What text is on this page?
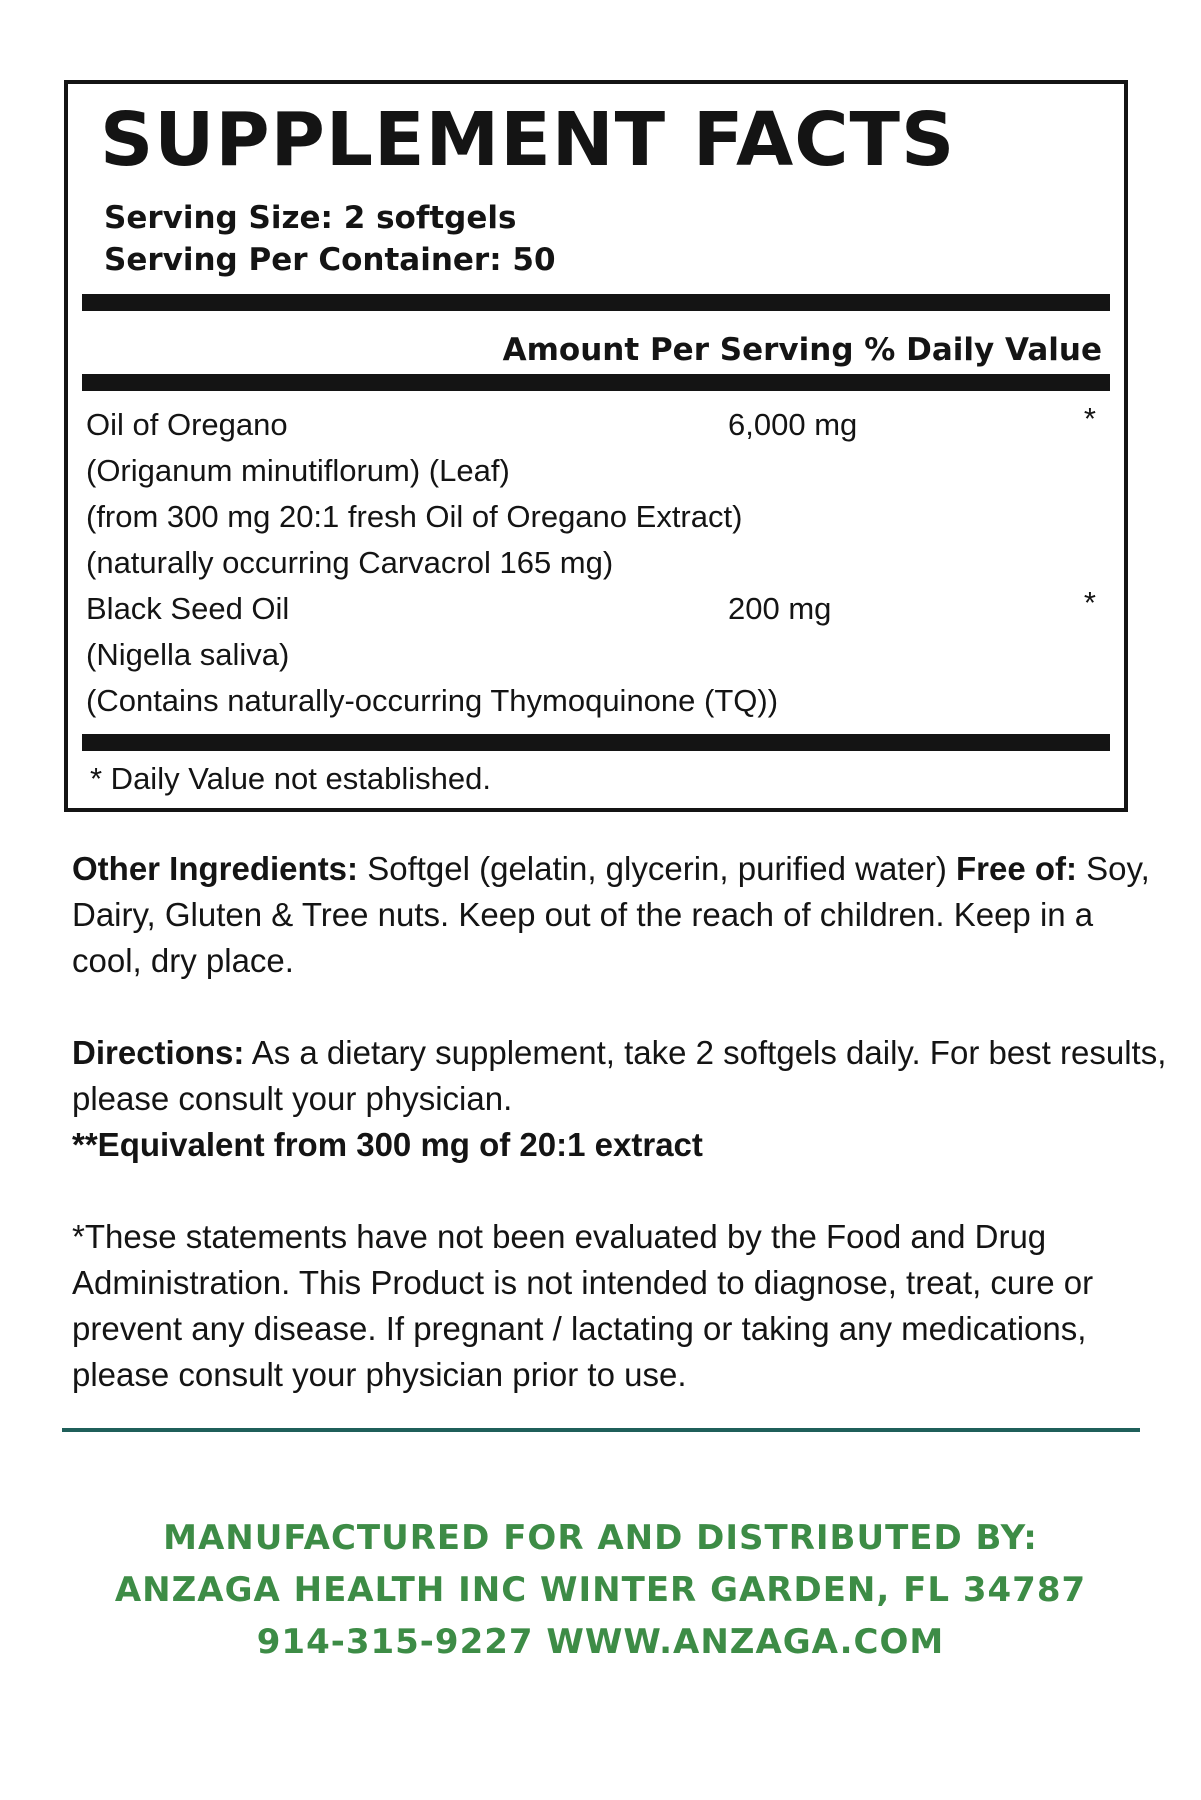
SUPPLEMENT FACTS
Serving Size: 2 softgels
Serving Per Container: 50
Amount Per Serving % Daily Value
Oil of Oregano	6,000 mg	*
(Origanum minutiflorum) (Leaf)
(from 300 mg 20:1 fresh Oil of Oregano Extract)
(naturally occurring Carvacrol 165 mg)
Black Seed Oil	200 mg	*
(Nigella saliva)
(Contains naturally-occurring Thymoquinone (TQ))
* Daily Value not established.

Other Ingredients: Softgel (gelatin, glycerin, purified water) Free of: Soy, Dairy, Gluten & Tree nuts. Keep out of the reach of children. Keep in a cool, dry place.

Directions: As a dietary supplement, take 2 softgels daily. For best results, please consult your physician.
**Equivalent from 300 mg of 20:1 extract

*These statements have not been evaluated by the Food and Drug Administration. This Product is not intended to diagnose, treat, cure or prevent any disease. If pregnant / lactating or taking any medications, please consult your physician prior to use.

MANUFACTURED FOR AND DISTRIBUTED BY:
ANZAGA HEALTH INC WINTER GARDEN, FL 34787
914-315-9227 WWW.ANZAGA.COM
